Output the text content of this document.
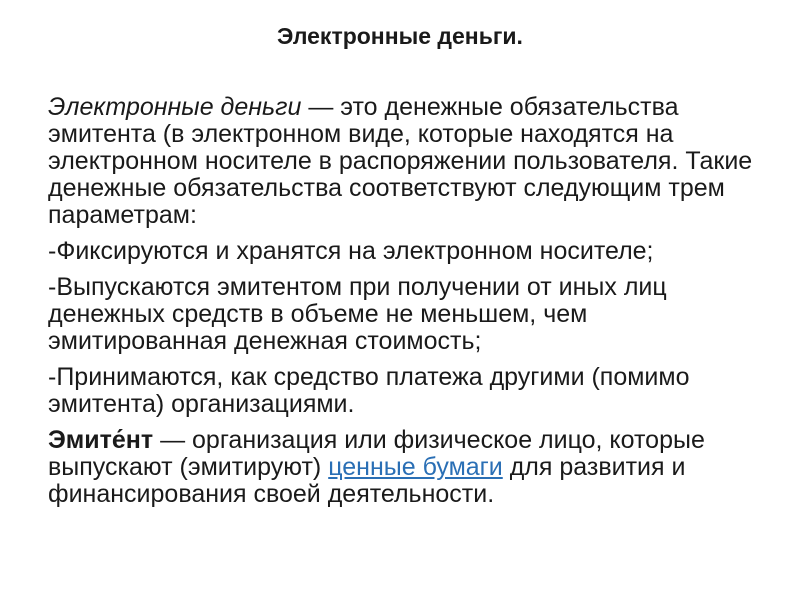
Электронные деньги.

Электронные деньги — это денежные обязательства эмитента (в электронном виде, которые находятся на электронном носителе в распоряжении пользователя. Такие денежные обязательства соответствуют следующим трем параметрам:

-Фиксируются и хранятся на электронном носителе;

-Выпускаются эмитентом при получении от иных лиц денежных средств в объеме не меньшем, чем эмитированная денежная стоимость;

-Принимаются, как средство платежа другими (помимо эмитента) организациями.

Эмите́нт — организация или физическое лицо, которые выпускают (эмитируют) ценные бумаги для развития и финансирования своей деятельности.
